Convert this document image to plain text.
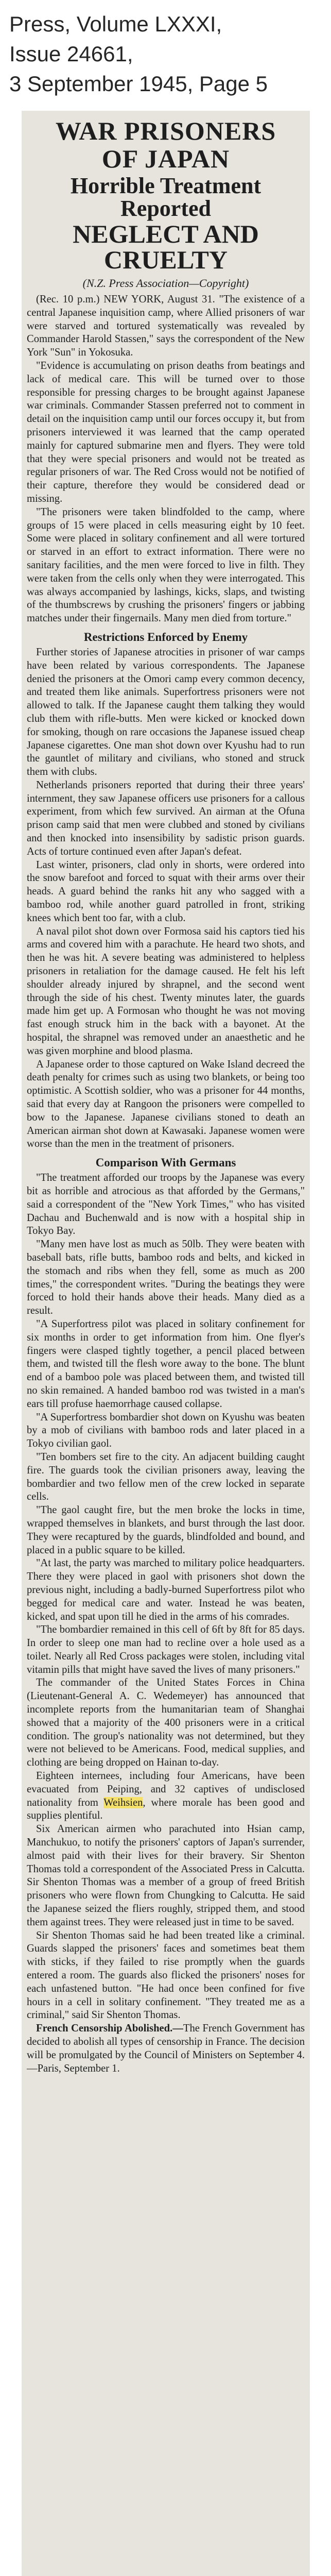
Press, Volume LXXXI,
Issue 24661,
3 September 1945, Page 5
WAR PRISONERS
OF JAPAN
Horrible Treatment Reported
NEGLECT AND CRUELTY
(N.Z. Press Association—Copyright)

(Rec. 10 p.m.) NEW YORK, August 31. "The existence of a central Japanese inquisition camp, where Allied prisoners of war were starved and tortured systematically was revealed by Commander Harold Stassen," says the correspondent of the New York "Sun" in Yokosuka.

"Evidence is accumulating on prison deaths from beatings and lack of medical care. This will be turned over to those responsible for pressing charges to be brought against Japanese war criminals. Commander Stassen preferred not to comment in detail on the inquisition camp until our forces occupy it, but from prisoners interviewed it was learned that the camp operated mainly for captured submarine men and flyers. They were told that they were special prisoners and would not be treated as regular prisoners of war. The Red Cross would not be notified of their capture, therefore they would be considered dead or missing.

"The prisoners were taken blindfolded to the camp, where groups of 15 were placed in cells measuring eight by 10 feet. Some were placed in solitary confinement and all were tortured or starved in an effort to extract information. There were no sanitary facilities, and the men were forced to live in filth. They were taken from the cells only when they were interrogated. This was always accompanied by lashings, kicks, slaps, and twisting of the thumbscrews by crushing the prisoners' fingers or jabbing matches under their fingernails. Many men died from torture."

Restrictions Enforced by Enemy

Further stories of Japanese atrocities in prisoner of war camps have been related by various correspondents. The Japanese denied the prisoners at the Omori camp every common decency, and treated them like animals. Superfortress prisoners were not allowed to talk. If the Japanese caught them talking they would club them with rifle-butts. Men were kicked or knocked down for smoking, though on rare occasions the Japanese issued cheap Japanese cigarettes. One man shot down over Kyushu had to run the gauntlet of military and civilians, who stoned and struck them with clubs.

Netherlands prisoners reported that during their three years' internment, they saw Japanese officers use prisoners for a callous experiment, from which few survived. An airman at the Ofuna prison camp said that men were clubbed and stoned by civilians and then knocked into insensibility by sadistic prison guards. Acts of torture continued even after Japan's defeat.

Last winter, prisoners, clad only in shorts, were ordered into the snow barefoot and forced to squat with their arms over their heads. A guard behind the ranks hit any who sagged with a bamboo rod, while another guard patrolled in front, striking knees which bent too far, with a club.

A naval pilot shot down over Formosa said his captors tied his arms and covered him with a parachute. He heard two shots, and then he was hit. A severe beating was administered to helpless prisoners in retaliation for the damage caused. He felt his left shoulder already injured by shrapnel, and the second went through the side of his chest. Twenty minutes later, the guards made him get up. A Formosan who thought he was not moving fast enough struck him in the back with a bayonet. At the hospital, the shrapnel was removed under an anaesthetic and he was given morphine and blood plasma.

A Japanese order to those captured on Wake Island decreed the death penalty for crimes such as using two blankets, or being too optimistic. A Scottish soldier, who was a prisoner for 44 months, said that every day at Rangoon the prisoners were compelled to bow to the Japanese. Japanese civilians stoned to death an American airman shot down at Kawasaki. Japanese women were worse than the men in the treatment of prisoners.

Comparison With Germans

"The treatment afforded our troops by the Japanese was every bit as horrible and atrocious as that afforded by the Germans," said a correspondent of the "New York Times," who has visited Dachau and Buchenwald and is now with a hospital ship in Tokyo Bay.

"Many men have lost as much as 50lb. They were beaten with baseball bats, rifle butts, bamboo rods and belts, and kicked in the stomach and ribs when they fell, some as much as 200 times," the correspondent writes. "During the beatings they were forced to hold their hands above their heads. Many died as a result.

"A Superfortress pilot was placed in solitary confinement for six months in order to get information from him. One flyer's fingers were clasped tightly together, a pencil placed between them, and twisted till the flesh wore away to the bone. The blunt end of a bamboo pole was placed between them, and twisted till no skin remained. A handed bamboo rod was twisted in a man's ears till profuse haemorrhage caused collapse.

"A Superfortress bombardier shot down on Kyushu was beaten by a mob of civilians with bamboo rods and later placed in a Tokyo civilian gaol.

"Ten bombers set fire to the city. An adjacent building caught fire. The guards took the civilian prisoners away, leaving the bombardier and two fellow men of the crew locked in separate cells.

"The gaol caught fire, but the men broke the locks in time, wrapped themselves in blankets, and burst through the last door. They were recaptured by the guards, blindfolded and bound, and placed in a public square to be killed.

"At last, the party was marched to military police headquarters. There they were placed in gaol with prisoners shot down the previous night, including a badly-burned Superfortress pilot who begged for medical care and water. Instead he was beaten, kicked, and spat upon till he died in the arms of his comrades.

"The bombardier remained in this cell of 6ft by 8ft for 85 days. In order to sleep one man had to recline over a hole used as a toilet. Nearly all Red Cross packages were stolen, including vital vitamin pills that might have saved the lives of many prisoners."

The commander of the United States Forces in China (Lieutenant-General A. C. Wedemeyer) has announced that incomplete reports from the humanitarian team of Shanghai showed that a majority of the 400 prisoners were in a critical condition. The group's nationality was not determined, but they were not believed to be Americans. Food, medical supplies, and clothing are being dropped on Hainan to-day.

Eighteen internees, including four Americans, have been evacuated from Peiping, and 32 captives of undisclosed nationality from Weihsien, where morale has been good and supplies plentiful.

Six American airmen who parachuted into Hsian camp, Manchukuo, to notify the prisoners' captors of Japan's surrender, almost paid with their lives for their bravery. Sir Shenton Thomas told a correspondent of the Associated Press in Calcutta. Sir Shenton Thomas was a member of a group of freed British prisoners who were flown from Chungking to Calcutta. He said the Japanese seized the fliers roughly, stripped them, and stood them against trees. They were released just in time to be saved.

Sir Shenton Thomas said he had been treated like a criminal. Guards slapped the prisoners' faces and sometimes beat them with sticks, if they failed to rise promptly when the guards entered a room. The guards also flicked the prisoners' noses for each unfastened button. "He had once been confined for five hours in a cell in solitary confinement. "They treated me as a criminal," said Sir Shenton Thomas.

French Censorship Abolished.—The French Government has decided to abolish all types of censorship in France. The decision will be promulgated by the Council of Ministers on September 4.—Paris, September 1.
